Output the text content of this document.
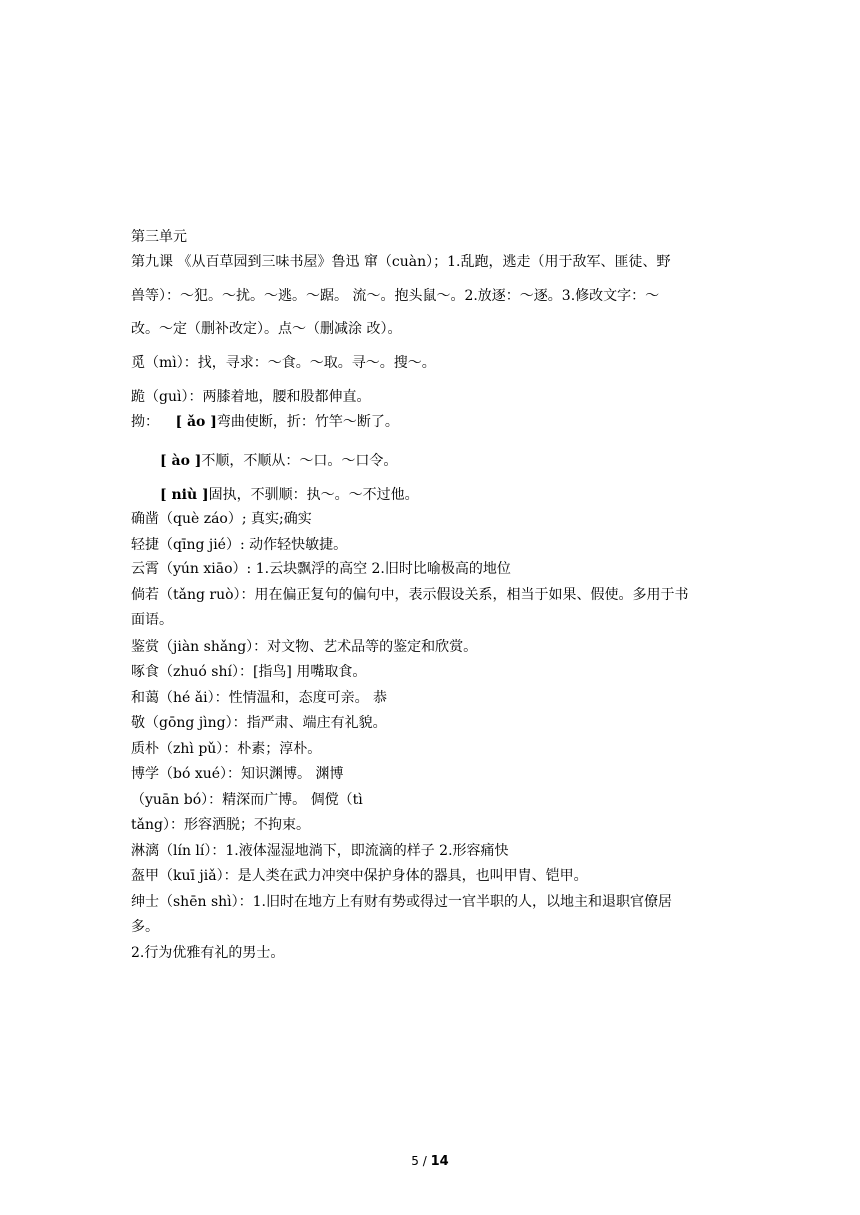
第三单元
第九课 《从百草园到三味书屋》鲁迅 窜（cuàn）；1.乱跑，逃走（用于敌军、匪徒、野
兽等）：～犯。～扰。～逃。～踞。 流～。抱头鼠～。2.放逐：～逐。3.修改文字：～
改。～定（删补改定）。点～（删减涂 改）。
觅（mì）：找，寻求：～食。～取。寻～。搜～。
跪（guì）：两膝着地，腰和股都伸直。
拗： [ ǎo ]弯曲使断，折：竹竿～断了。
[ ào ]不顺，不顺从：～口。～口令。
[ niù ]固执，不驯顺：执～。～不过他。
确凿（què záo）; 真实;确实
轻捷（qīng jié）: 动作轻快敏捷。
云霄（yún xiāo）: 1.云块飘浮的高空 2.旧时比喻极高的地位
倘若（tǎng ruò）：用在偏正复句的偏句中，表示假设关系，相当于如果、假使。多用于书
面语。
鉴赏（jiàn shǎng）：对文物、艺术品等的鉴定和欣赏。
啄食（zhuó shí）：[指鸟] 用嘴取食。
和蔼（hé ǎi）：性情温和，态度可亲。 恭
敬（gōng jìng）：指严肃、端庄有礼貌。
质朴（zhì pǔ）：朴素；淳朴。
博学（bó xué）：知识渊博。 渊博
（yuān bó）：精深而广博。 倜傥（tì
tǎng）：形容洒脱；不拘束。
淋漓（lín lí）：1.液体湿湿地淌下，即流滴的样子 2.形容痛快
盔甲（kuī jiǎ）：是人类在武力冲突中保护身体的器具，也叫甲胄、铠甲。
绅士（shēn shì）：1.旧时在地方上有财有势或得过一官半职的人，以地主和退职官僚居
多。
2.行为优雅有礼的男士。
5 / 14
